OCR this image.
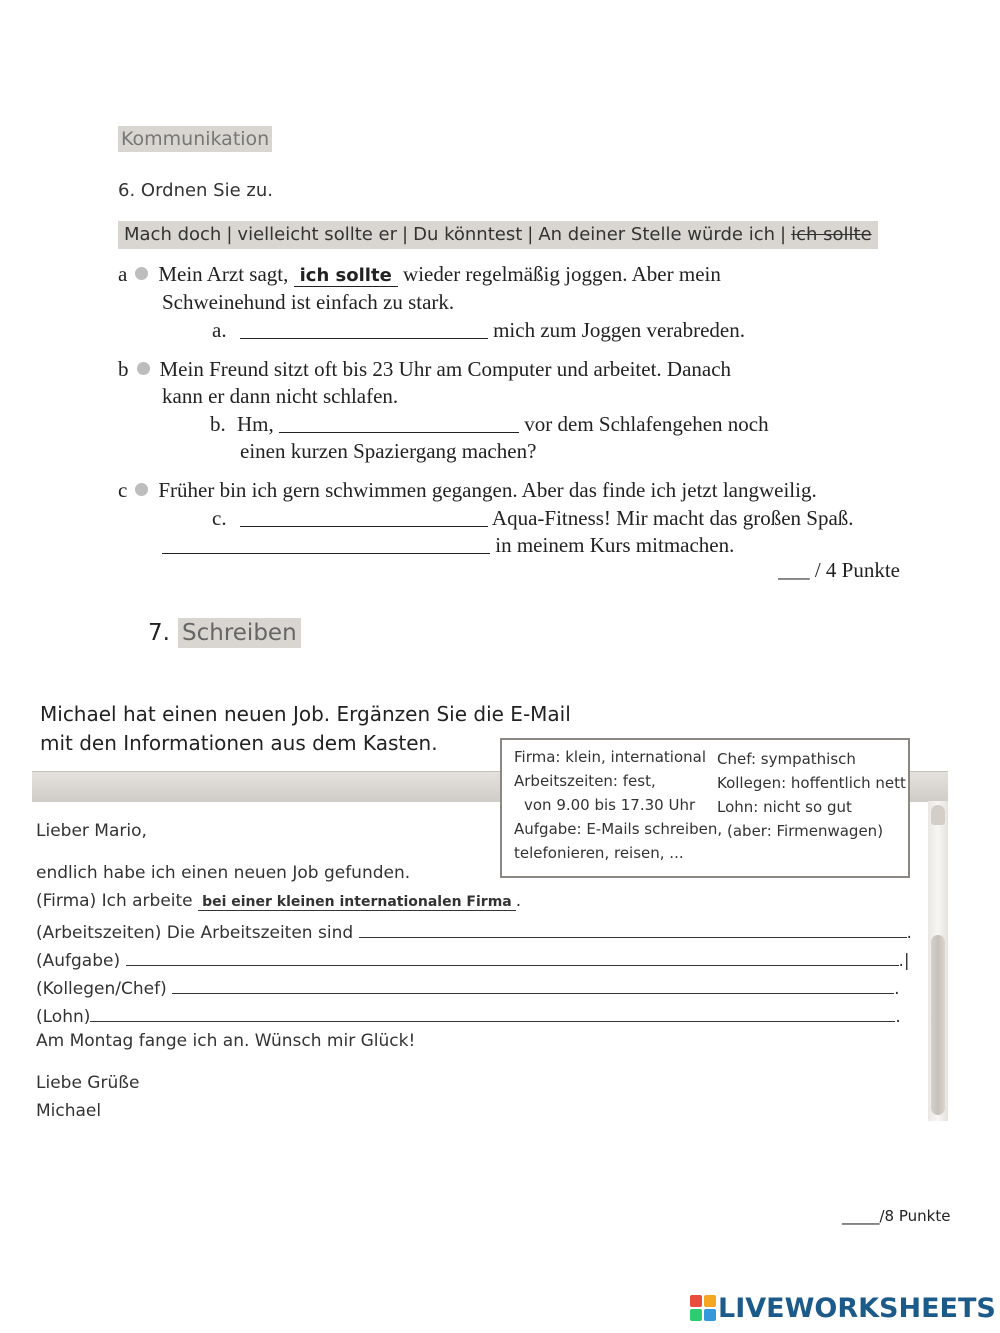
Kommunikation
6. Ordnen Sie zu.
Mach doch | vielleicht sollte er | Du könntest | An deiner Stelle würde ich | ich sollte
a Mein Arzt sagt, ich sollte wieder regelmäßig joggen. Aber mein
Schweinehund ist einfach zu stark.
a.	mich zum Joggen verabreden.
b Mein Freund sitzt oft bis 23 Uhr am Computer und arbeitet. Danach
kann er dann nicht schlafen.
b. Hm,	vor dem Schlafengehen noch
einen kurzen Spaziergang machen?
c Früher bin ich gern schwimmen gegangen. Aber das finde ich jetzt langweilig.
c.	Aqua-Fitness! Mir macht das großen Spaß.
in meinem Kurs mitmachen.
___ / 4 Punkte
7. Schreiben
Michael hat einen neuen Job. Ergänzen Sie die E-Mail
mit den Informationen aus dem Kasten.
Firma: klein, international
Arbeitszeiten: fest,
von 9.00 bis 17.30 Uhr
Aufgabe: E-Mails schreiben,
telefonieren, reisen, ...
Chef: sympathisch
Kollegen: hoffentlich nett
Lohn: nicht so gut
(aber: Firmenwagen)
Lieber Mario,
endlich habe ich einen neuen Job gefunden.
(Firma) Ich arbeite bei einer kleinen internationalen Firma .
(Arbeitszeiten) Die Arbeitszeiten sind	.
(Aufgabe)	.|
(Kollegen/Chef)	.
(Lohn)	.
Am Montag fange ich an. Wünsch mir Glück!
Liebe Grüße
Michael
_____/8 Punkte
LIVEWORKSHEETS
